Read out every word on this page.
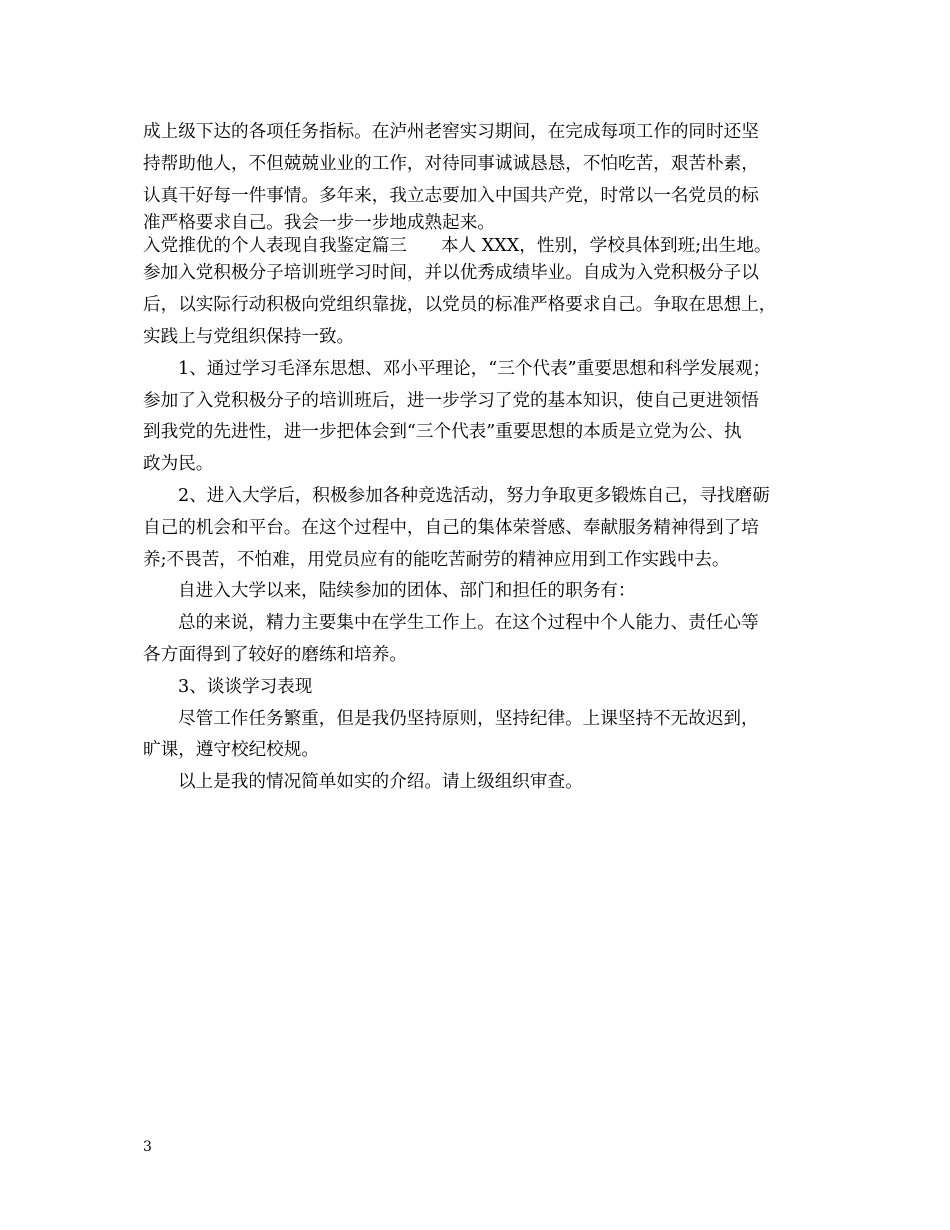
成上级下达的各项任务指标。在泸州老窖实习期间，在完成每项工作的同时还坚
持帮助他人，不但兢兢业业的工作，对待同事诚诚恳恳，不怕吃苦，艰苦朴素，
认真干好每一件事情。多年来，我立志要加入中国共产党，时常以一名党员的标
准严格要求自己。我会一步一步地成熟起来。
入党推优的个人表现自我鉴定篇三 本人 XXX，性别，学校具体到班;出生地。
参加入党积极分子培训班学习时间，并以优秀成绩毕业。自成为入党积极分子以
后，以实际行动积极向党组织靠拢，以党员的标准严格要求自己。争取在思想上，
实践上与党组织保持一致。
1、通过学习毛泽东思想、邓小平理论，“三个代表”重要思想和科学发展观；
参加了入党积极分子的培训班后，进一步学习了党的基本知识，使自己更进领悟
到我党的先进性，进一步把体会到“三个代表”重要思想的本质是立党为公、执
政为民。
2、进入大学后，积极参加各种竞选活动，努力争取更多锻炼自己，寻找磨砺
自己的机会和平台。在这个过程中，自己的集体荣誉感、奉献服务精神得到了培
养;不畏苦，不怕难，用党员应有的能吃苦耐劳的精神应用到工作实践中去。
自进入大学以来，陆续参加的团体、部门和担任的职务有：
总的来说，精力主要集中在学生工作上。在这个过程中个人能力、责任心等
各方面得到了较好的磨练和培养。
3、谈谈学习表现
尽管工作任务繁重，但是我仍坚持原则，坚持纪律。上课坚持不无故迟到，
旷课，遵守校纪校规。
以上是我的情况简单如实的介绍。请上级组织审查。
3
